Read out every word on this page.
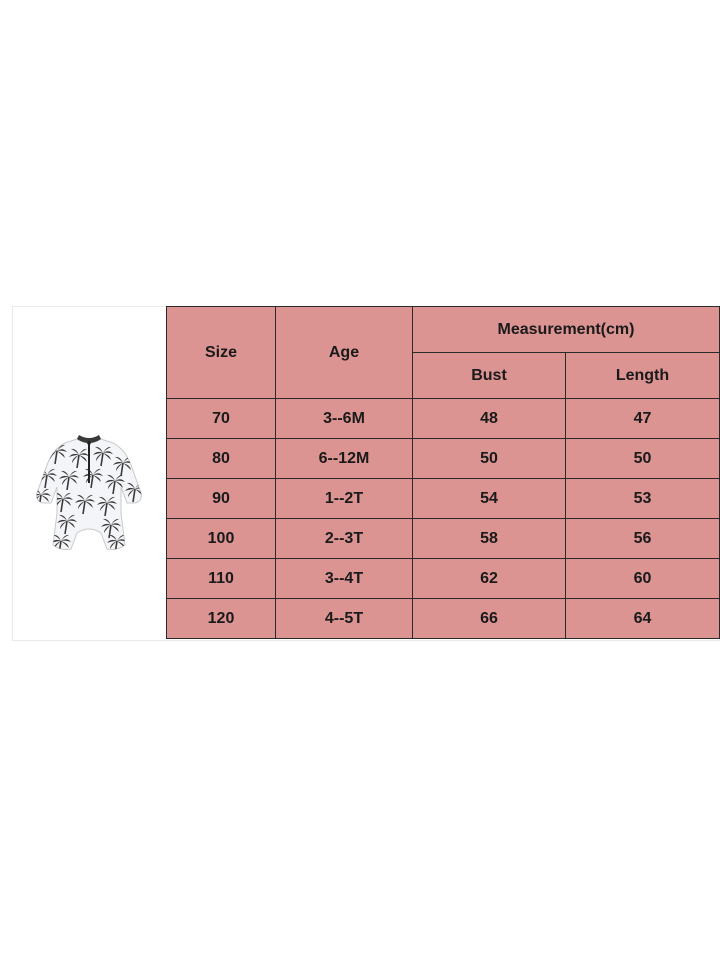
Size	Age	Measurement(cm)	
		Bust	Length
70	3--6M	48	47
80	6--12M	50	50
90	1--2T	54	53
100	2--3T	58	56
110	3--4T	62	60
120	4--5T	66	64
